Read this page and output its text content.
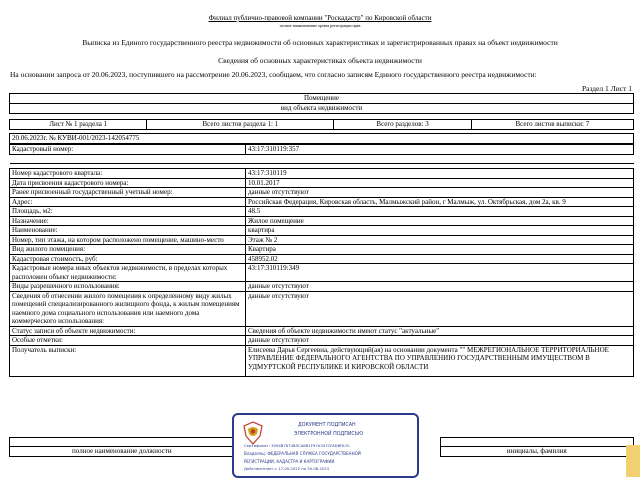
Филиал публично-правовой компании "Роскадастр" по Кировской области
полное наименование органа регистрации прав
Выписка из Единого государственного реестра недвижимости об основных характеристиках и зарегистрированных правах на объект недвижимости
Сведения об основных характеристиках объекта недвижимости
На основании запроса от 20.06.2023, поступившего на рассмотрение 20.06.2023, сообщаем, что согласно записям Единого государственного реестра недвижимости:
Раздел 1 Лист 1
Помещение
вид объекта недвижимости
Лист № 1 раздела 1	Всего листов раздела 1: 1	Всего разделов: 3	Всего листов выписки: 7
20.06.2023г. № КУВИ-001/2023-142054775
Кадастровый номер:	43:17:310119:357

Номер кадастрового квартала:	43:17:310119
Дата присвоения кадастрового номера:	10.01.2017
Ранее присвоенный государственный учетный номер:	данные отсутствуют
Адрес:	Российская Федерация, Кировская область, Малмыжский район, г Малмыж, ул. Октябрьская, дом 2а, кв. 9
Площадь, м2:	48.5
Назначение:	Жилое помещение
Наименование:	квартира
Номер, тип этажа, на котором расположено помещение, машино-место	Этаж № 2
Вид жилого помещения:	Квартира
Кадастровая стоимость, руб:	458952.02
Кадастровые номера иных объектов недвижимости, в пределах которых расположен объект недвижимости:	43:17:310119:349
Виды разрешенного использования:	данные отсутствуют
Сведения об отнесении жилого помещения к определенному виду жилых помещений специализированного жилищного фонда, к жилым помещениям наемного дома социального использования или наемного дома коммерческого использования:	данные отсутствуют
Статус записи об объекте недвижимости:	Сведения об объекте недвижимости имеют статус "актуальные"
Особые отметки:	данные отсутствуют
Получатель выписки:	Елисеева Дарья Сергеевна, действующий(ая) на основании документа "" МЕЖРЕГИОНАЛЬНОЕ ТЕРРИТОРИАЛЬНОЕ УПРАВЛЕНИЕ ФЕДЕРАЛЬНОГО АГЕНТСТВА ПО УПРАВЛЕНИЮ ГОСУДАРСТВЕННЫМ ИМУЩЕСТВОМ В УДМУРТСКОЙ РЕСПУБЛИКЕ И КИРОВСКОЙ ОБЛАСТИ

полное наименование должности		инициалы, фамилия
ДОКУМЕНТ ПОДПИСАН
ЭЛЕКТРОННОЙ ПОДПИСЬЮ
Сертификат: 3094B7674B5CA6B1F97A347CFADBFA70
Владелец: ФЕДЕРАЛЬНАЯ СЛУЖБА ГОСУДАРСТВЕННОЙ
РЕГИСТРАЦИИ, КАДАСТРА И КАРТОГРАФИИ
Действителен: с 17.05.2022 по 30.08.2023
